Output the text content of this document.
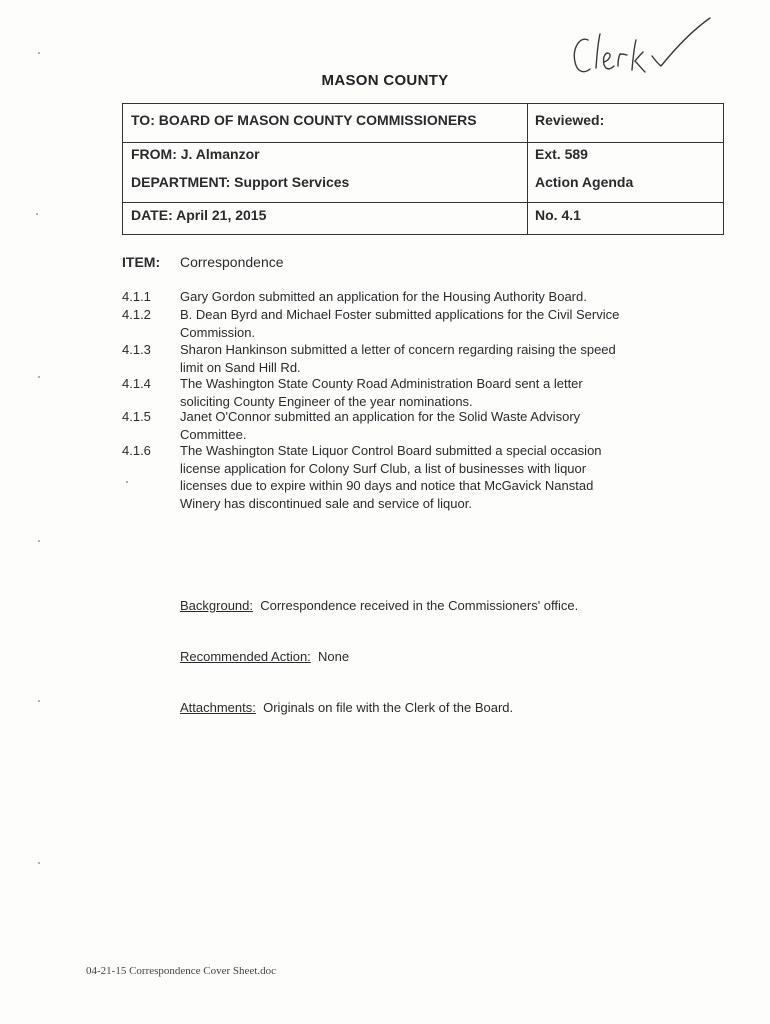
MASON COUNTY
TO: BOARD OF MASON COUNTY COMMISSIONERS	Reviewed:
FROM: J. Almanzor	Ext. 589
DEPARTMENT: Support Services	Action Agenda
DATE: April 21, 2015	No. 4.1
ITEM: Correspondence
4.1.1 Gary Gordon submitted an application for the Housing Authority Board.
4.1.2 B. Dean Byrd and Michael Foster submitted applications for the Civil Service
Commission.
4.1.3 Sharon Hankinson submitted a letter of concern regarding raising the speed
limit on Sand Hill Rd.
4.1.4 The Washington State County Road Administration Board sent a letter
soliciting County Engineer of the year nominations.
4.1.5 Janet O'Connor submitted an application for the Solid Waste Advisory
Committee.
4.1.6 The Washington State Liquor Control Board submitted a special occasion
license application for Colony Surf Club, a list of businesses with liquor
licenses due to expire within 90 days and notice that McGavick Nanstad
Winery has discontinued sale and service of liquor.
Background: Correspondence received in the Commissioners' office.
Recommended Action: None
Attachments: Originals on file with the Clerk of the Board.
04-21-15 Correspondence Cover Sheet.doc
